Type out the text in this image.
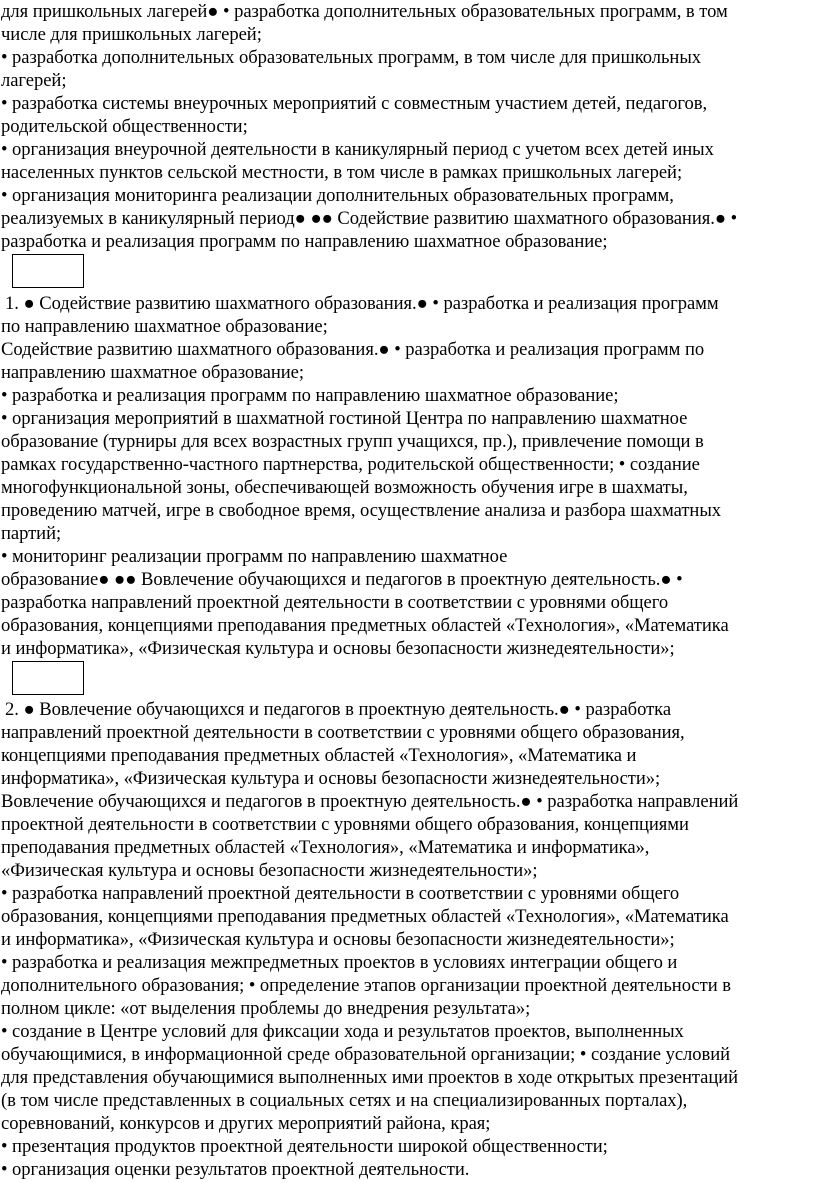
для пришкольных лагерей● • разработка дополнительных образовательных программ, в том
числе для пришкольных лагерей;
• разработка дополнительных образовательных программ, в том числе для пришкольных
лагерей;
• разработка системы внеурочных мероприятий с совместным участием детей, педагогов,
родительской общественности;
• организация внеурочной деятельности в каникулярный период с учетом всех детей иных
населенных пунктов сельской местности, в том числе в рамках пришкольных лагерей;
• организация мониторинга реализации дополнительных образовательных программ,
реализуемых в каникулярный период● ●● Содействие развитию шахматного образования.● •
разработка и реализация программ по направлению шахматное образование;
1. ● Содействие развитию шахматного образования.● • разработка и реализация программ
по направлению шахматное образование;
Содействие развитию шахматного образования.● • разработка и реализация программ по
направлению шахматное образование;
• разработка и реализация программ по направлению шахматное образование;
• организация мероприятий в шахматной гостиной Центра по направлению шахматное
образование (турниры для всех возрастных групп учащихся, пр.), привлечение помощи в
рамках государственно-частного партнерства, родительской общественности; • создание
многофункциональной зоны, обеспечивающей возможность обучения игре в шахматы,
проведению матчей, игре в свободное время, осуществление анализа и разбора шахматных
партий;
• мониторинг реализации программ по направлению шахматное
образование● ●● Вовлечение обучающихся и педагогов в проектную деятельность.● •
разработка направлений проектной деятельности в соответствии с уровнями общего
образования, концепциями преподавания предметных областей «Технология», «Математика
и информатика», «Физическая культура и основы безопасности жизнедеятельности»;
2. ● Вовлечение обучающихся и педагогов в проектную деятельность.● • разработка
направлений проектной деятельности в соответствии с уровнями общего образования,
концепциями преподавания предметных областей «Технология», «Математика и
информатика», «Физическая культура и основы безопасности жизнедеятельности»;
Вовлечение обучающихся и педагогов в проектную деятельность.● • разработка направлений
проектной деятельности в соответствии с уровнями общего образования, концепциями
преподавания предметных областей «Технология», «Математика и информатика»,
«Физическая культура и основы безопасности жизнедеятельности»;
• разработка направлений проектной деятельности в соответствии с уровнями общего
образования, концепциями преподавания предметных областей «Технология», «Математика
и информатика», «Физическая культура и основы безопасности жизнедеятельности»;
• разработка и реализация межпредметных проектов в условиях интеграции общего и
дополнительного образования; • определение этапов организации проектной деятельности в
полном цикле: «от выделения проблемы до внедрения результата»;
• создание в Центре условий для фиксации хода и результатов проектов, выполненных
обучающимися, в информационной среде образовательной организации; • создание условий
для представления обучающимися выполненных ими проектов в ходе открытых презентаций
(в том числе представленных в социальных сетях и на специализированных порталах),
соревнований, конкурсов и других мероприятий района, края;
• презентация продуктов проектной деятельности широкой общественности;
• организация оценки результатов проектной деятельности.
